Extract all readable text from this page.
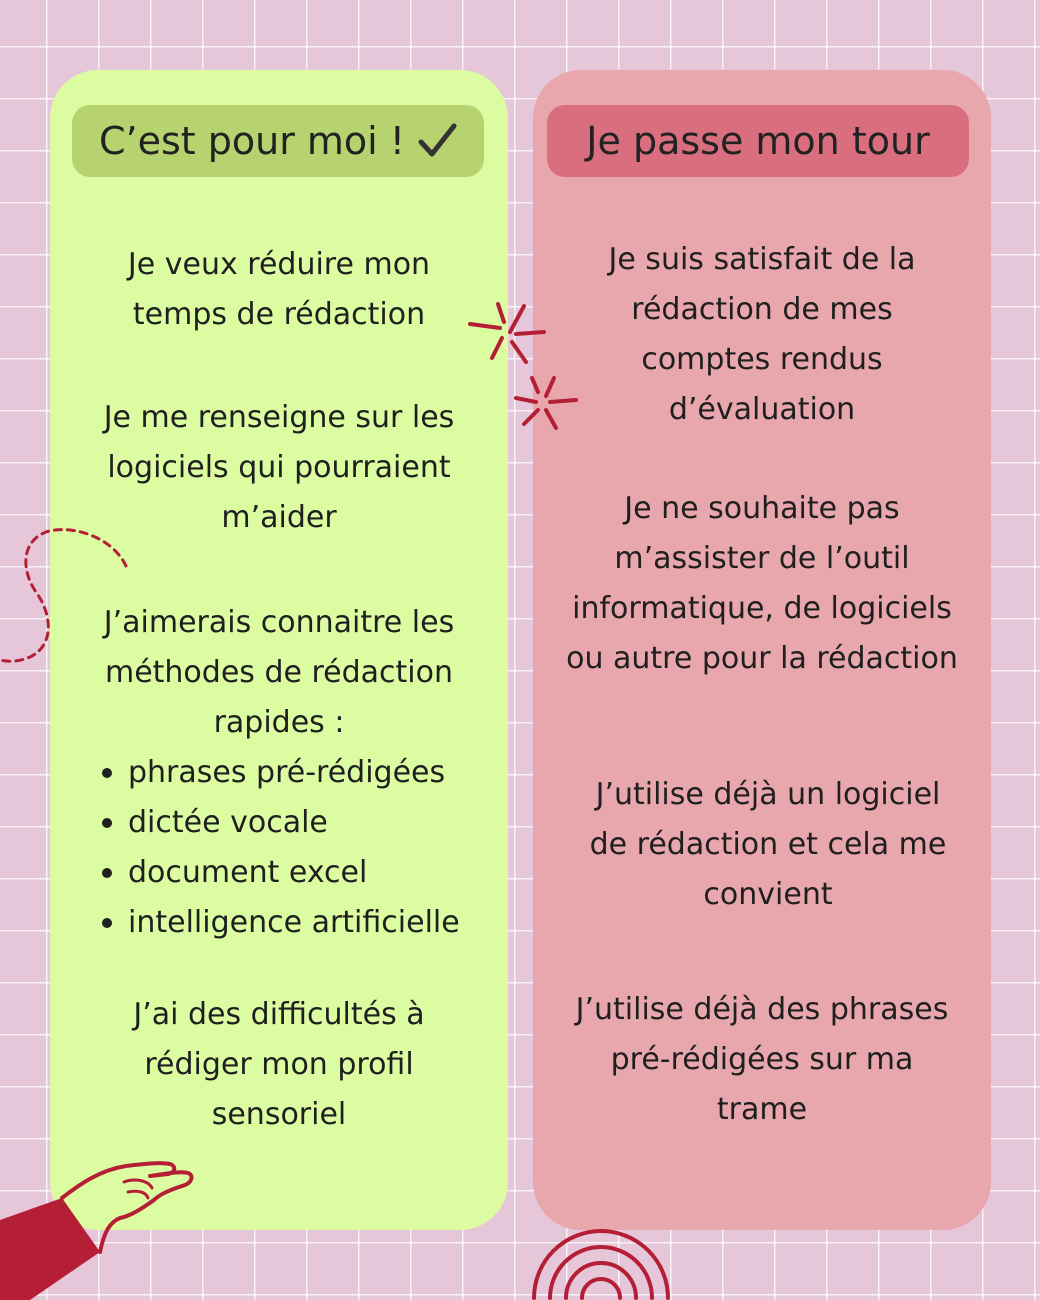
C’est pour moi !

Je veux réduire mon temps de rédaction

Je me renseigne sur les logiciels qui pourraient m’aider

J’aimerais connaitre les méthodes de rédaction rapides :

phrases pré-rédigées
dictée vocale
document excel
intelligence artificielle

J’ai des difficultés à rédiger mon profil sensoriel

Je passe mon tour

Je suis satisfait de la rédaction de mes comptes rendus d’évaluation

Je ne souhaite pas m’assister de l’outil informatique, de logiciels ou autre pour la rédaction

J’utilise déjà un logiciel de rédaction et cela me convient

J’utilise déjà des phrases pré-rédigées sur ma trame
